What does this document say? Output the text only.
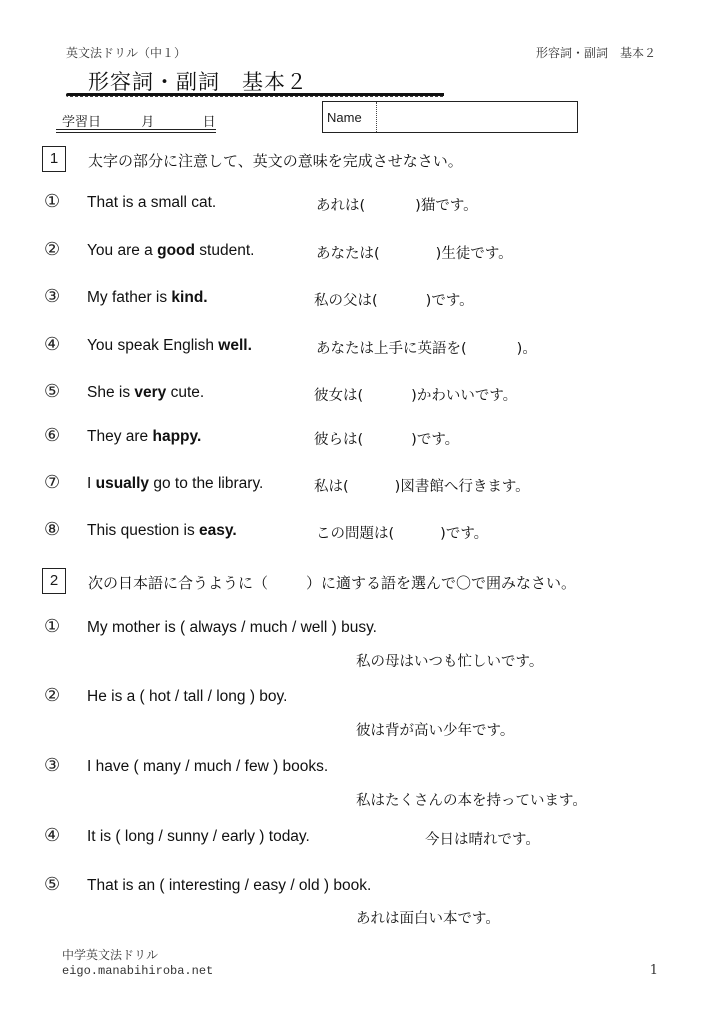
英文法ドリル（中１）	形容詞・副詞　基本２
形容詞・副詞　基本２
学習日	月	日	Name
1	太字の部分に注意して、英文の意味を完成させなさい。
① That is a small cat.	あれは(	)猫です。
② You are a good student.	あなたは(	)生徒です。
③ My father is kind.	私の父は(	)です。
④ You speak English well.	あなたは上手に英語を(	)。
⑤ She is very cute.	彼女は(	)かわいいです。
⑥ They are happy.	彼らは(	)です。
⑦ I usually go to the library.	私は(	)図書館へ行きます。
⑧ This question is easy.	この問題は(	)です。
2	次の日本語に合うように（	）に適する語を選んで〇で囲みなさい。
① My mother is ( always / much / well ) busy.
私の母はいつも忙しいです。
② He is a ( hot / tall / long ) boy.
彼は背が高い少年です。
③ I have ( many / much / few ) books.
私はたくさんの本を持っています。
④ It is ( long / sunny / early ) today.	今日は晴れです。
⑤ That is an ( interesting / easy / old ) book.
あれは面白い本です。
中学英文法ドリル
eigo.manabihiroba.net	1
